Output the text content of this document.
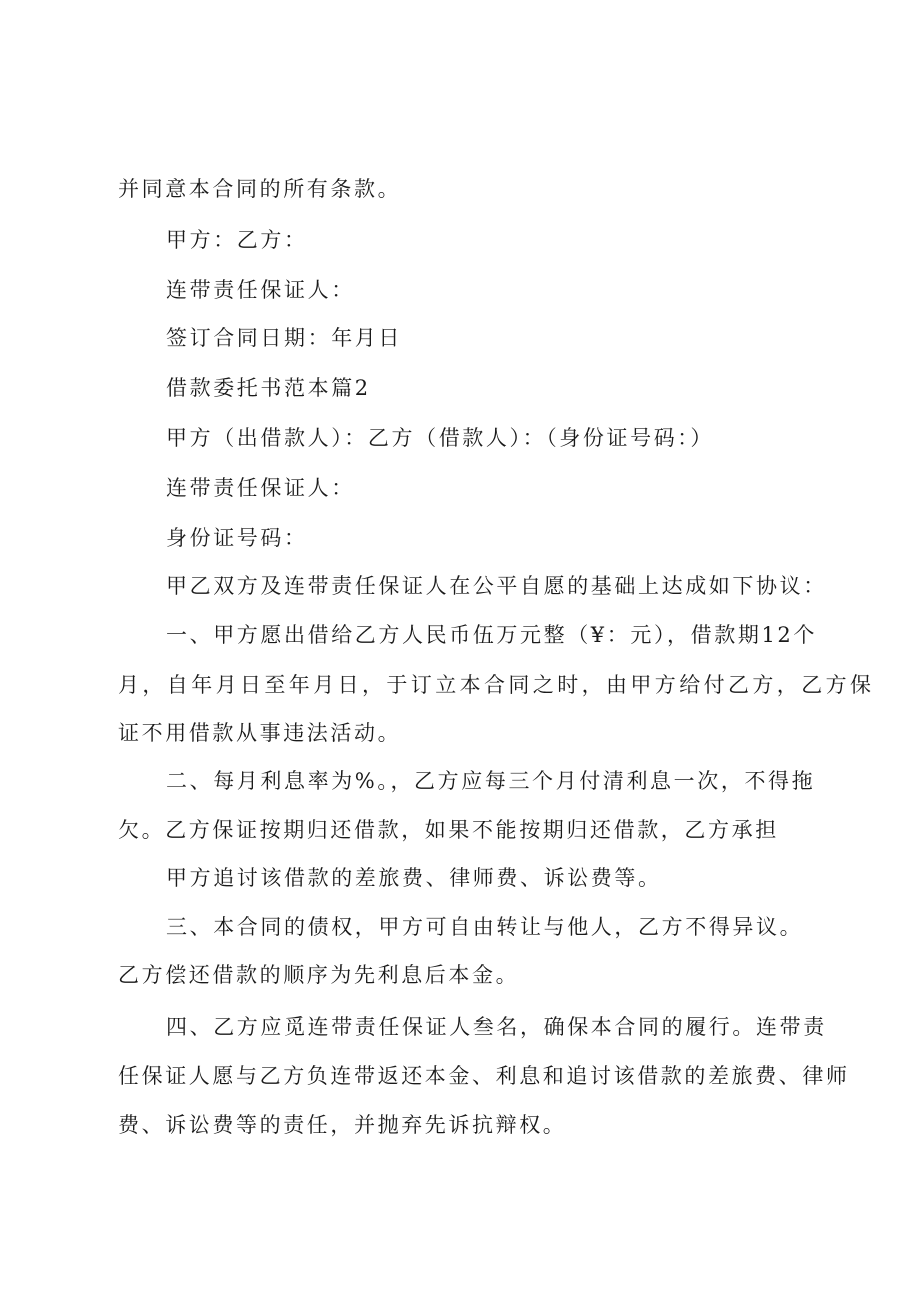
并同意本合同的所有条款。
甲方：乙方：
连带责任保证人：
签订合同日期：年月日
借款委托书范本篇2
甲方（出借款人）：乙方（借款人）：（身份证号码：）
连带责任保证人：
身份证号码：
甲乙双方及连带责任保证人在公平自愿的基础上达成如下协议：
一、甲方愿出借给乙方人民币伍万元整（¥：元），借款期12个
月，自年月日至年月日，于订立本合同之时，由甲方给付乙方，乙方保
证不用借款从事违法活动。
二、每月利息率为%。，乙方应每三个月付清利息一次，不得拖
欠。乙方保证按期归还借款，如果不能按期归还借款，乙方承担
甲方追讨该借款的差旅费、律师费、诉讼费等。
三、本合同的债权，甲方可自由转让与他人，乙方不得异议。
乙方偿还借款的顺序为先利息后本金。
四、乙方应觅连带责任保证人叁名，确保本合同的履行。连带责
任保证人愿与乙方负连带返还本金、利息和追讨该借款的差旅费、律师
费、诉讼费等的责任，并抛弃先诉抗辩权。
